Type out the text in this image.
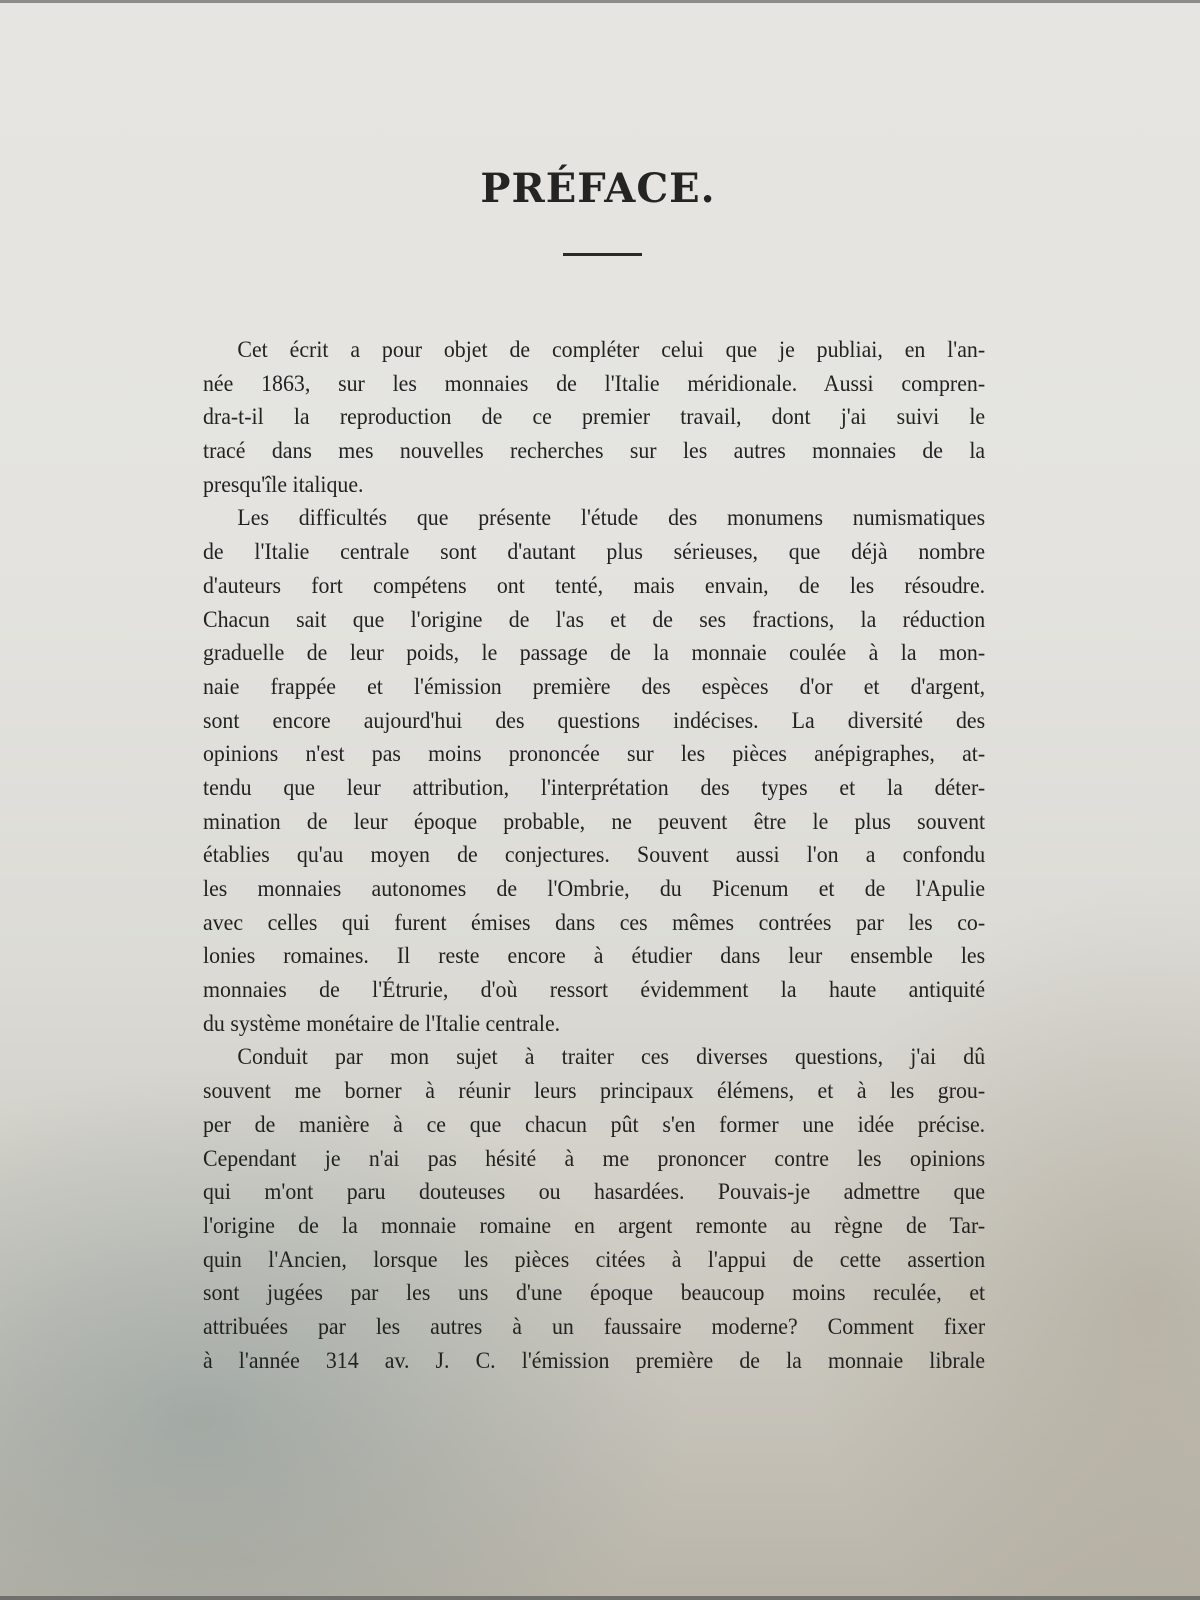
PRÉFACE.
Cet écrit a pour objet de compléter celui que je publiai, en l'an-
née 1863, sur les monnaies de l'Italie méridionale. Aussi compren-
dra-t-il la reproduction de ce premier travail, dont j'ai suivi le
tracé dans mes nouvelles recherches sur les autres monnaies de la
presqu'île italique.
Les difficultés que présente l'étude des monumens numismatiques
de l'Italie centrale sont d'autant plus sérieuses, que déjà nombre
d'auteurs fort compétens ont tenté, mais envain, de les résoudre.
Chacun sait que l'origine de l'as et de ses fractions, la réduction
graduelle de leur poids, le passage de la monnaie coulée à la mon-
naie frappée et l'émission première des espèces d'or et d'argent,
sont encore aujourd'hui des questions indécises. La diversité des
opinions n'est pas moins prononcée sur les pièces anépigraphes, at-
tendu que leur attribution, l'interprétation des types et la déter-
mination de leur époque probable, ne peuvent être le plus souvent
établies qu'au moyen de conjectures. Souvent aussi l'on a confondu
les monnaies autonomes de l'Ombrie, du Picenum et de l'Apulie
avec celles qui furent émises dans ces mêmes contrées par les co-
lonies romaines. Il reste encore à étudier dans leur ensemble les
monnaies de l'Étrurie, d'où ressort évidemment la haute antiquité
du système monétaire de l'Italie centrale.
Conduit par mon sujet à traiter ces diverses questions, j'ai dû
souvent me borner à réunir leurs principaux élémens, et à les grou-
per de manière à ce que chacun pût s'en former une idée précise.
Cependant je n'ai pas hésité à me prononcer contre les opinions
qui m'ont paru douteuses ou hasardées. Pouvais-je admettre que
l'origine de la monnaie romaine en argent remonte au règne de Tar-
quin l'Ancien, lorsque les pièces citées à l'appui de cette assertion
sont jugées par les uns d'une époque beaucoup moins reculée, et
attribuées par les autres à un faussaire moderne? Comment fixer
à l'année 314 av. J. C. l'émission première de la monnaie librale
